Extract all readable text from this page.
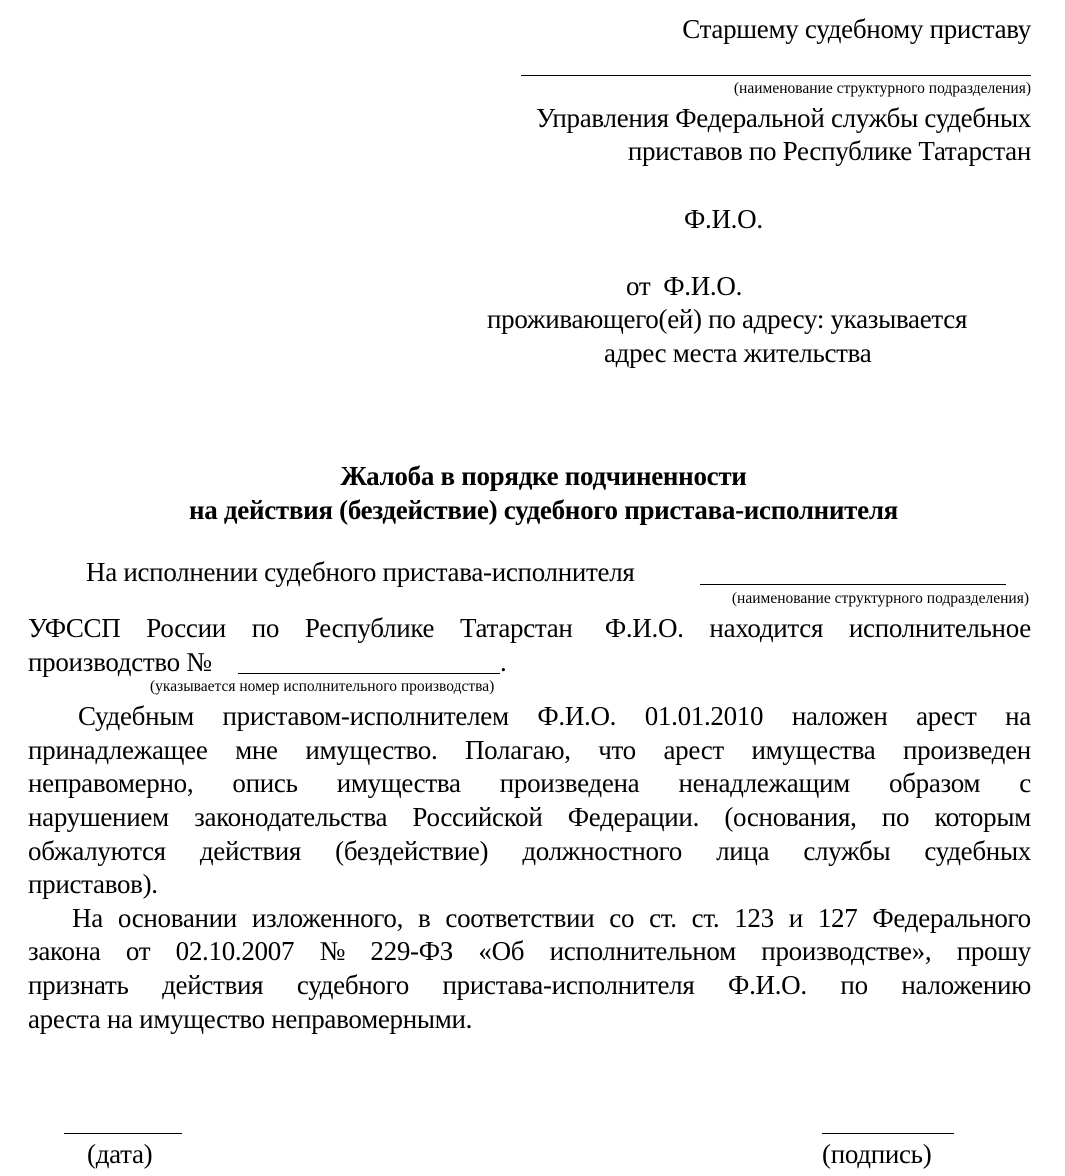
Старшему судебному приставу
(наименование структурного подразделения)
Управления Федеральной службы судебных
приставов по Республике Татарстан
Ф.И.О.
от  Ф.И.О.
проживающего(ей) по адресу: указывается
адрес места жительства
Жалоба в порядке подчиненности
на действия (бездействие) судебного пристава-исполнителя
На исполнении судебного пристава-исполнителя
(наименование структурного подразделения)
УФССП России по Республике Татарстан Ф.И.О. находится исполнительное
производство №	.
(указывается номер исполнительного производства)
Судебным приставом-исполнителем Ф.И.О. 01.01.2010 наложен арест на
принадлежащее мне имущество. Полагаю, что арест имущества произведен
неправомерно, опись имущества произведена ненадлежащим образом с
нарушением законодательства Российской Федерации. (основания, по которым
обжалуются действия (бездействие) должностного лица службы судебных
приставов).
На основании изложенного, в соответствии со ст. ст. 123 и 127 Федерального
закона от 02.10.2007 № 229-ФЗ «Об исполнительном производстве», прошу
признать действия судебного пристава-исполнителя Ф.И.О. по наложению
ареста на имущество неправомерными.
(дата)	(подпись)
